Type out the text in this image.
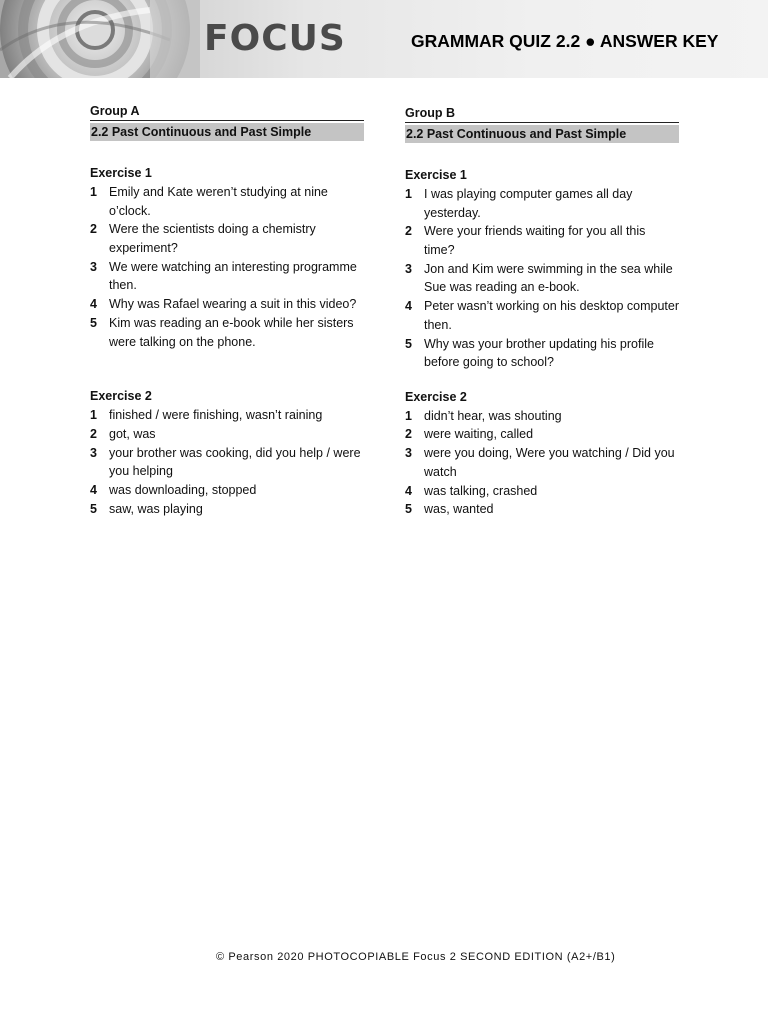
FOCUS	GRAMMAR QUIZ 2.2 ● ANSWER KEY
Group A
2.2 Past Continuous and Past Simple
Exercise 1
1 Emily and Kate weren’t studying at nine o’clock.
2 Were the scientists doing a chemistry experiment?
3 We were watching an interesting programme then.
4 Why was Rafael wearing a suit in this video?
5 Kim was reading an e-book while her sisters were talking on the phone.
Exercise 2
1 finished / were finishing, wasn’t raining
2 got, was
3 your brother was cooking, did you help / were you helping
4 was downloading, stopped
5 saw, was playing
Group B
2.2 Past Continuous and Past Simple
Exercise 1
1 I was playing computer games all day yesterday.
2 Were your friends waiting for you all this time?
3 Jon and Kim were swimming in the sea while Sue was reading an e-book.
4 Peter wasn’t working on his desktop computer then.
5 Why was your brother updating his profile before going to school?
Exercise 2
1 didn’t hear, was shouting
2 were waiting, called
3 were you doing, Were you watching / Did you watch
4 was talking, crashed
5 was, wanted
© Pearson 2020 PHOTOCOPIABLE Focus 2 SECOND EDITION (A2+/B1)
